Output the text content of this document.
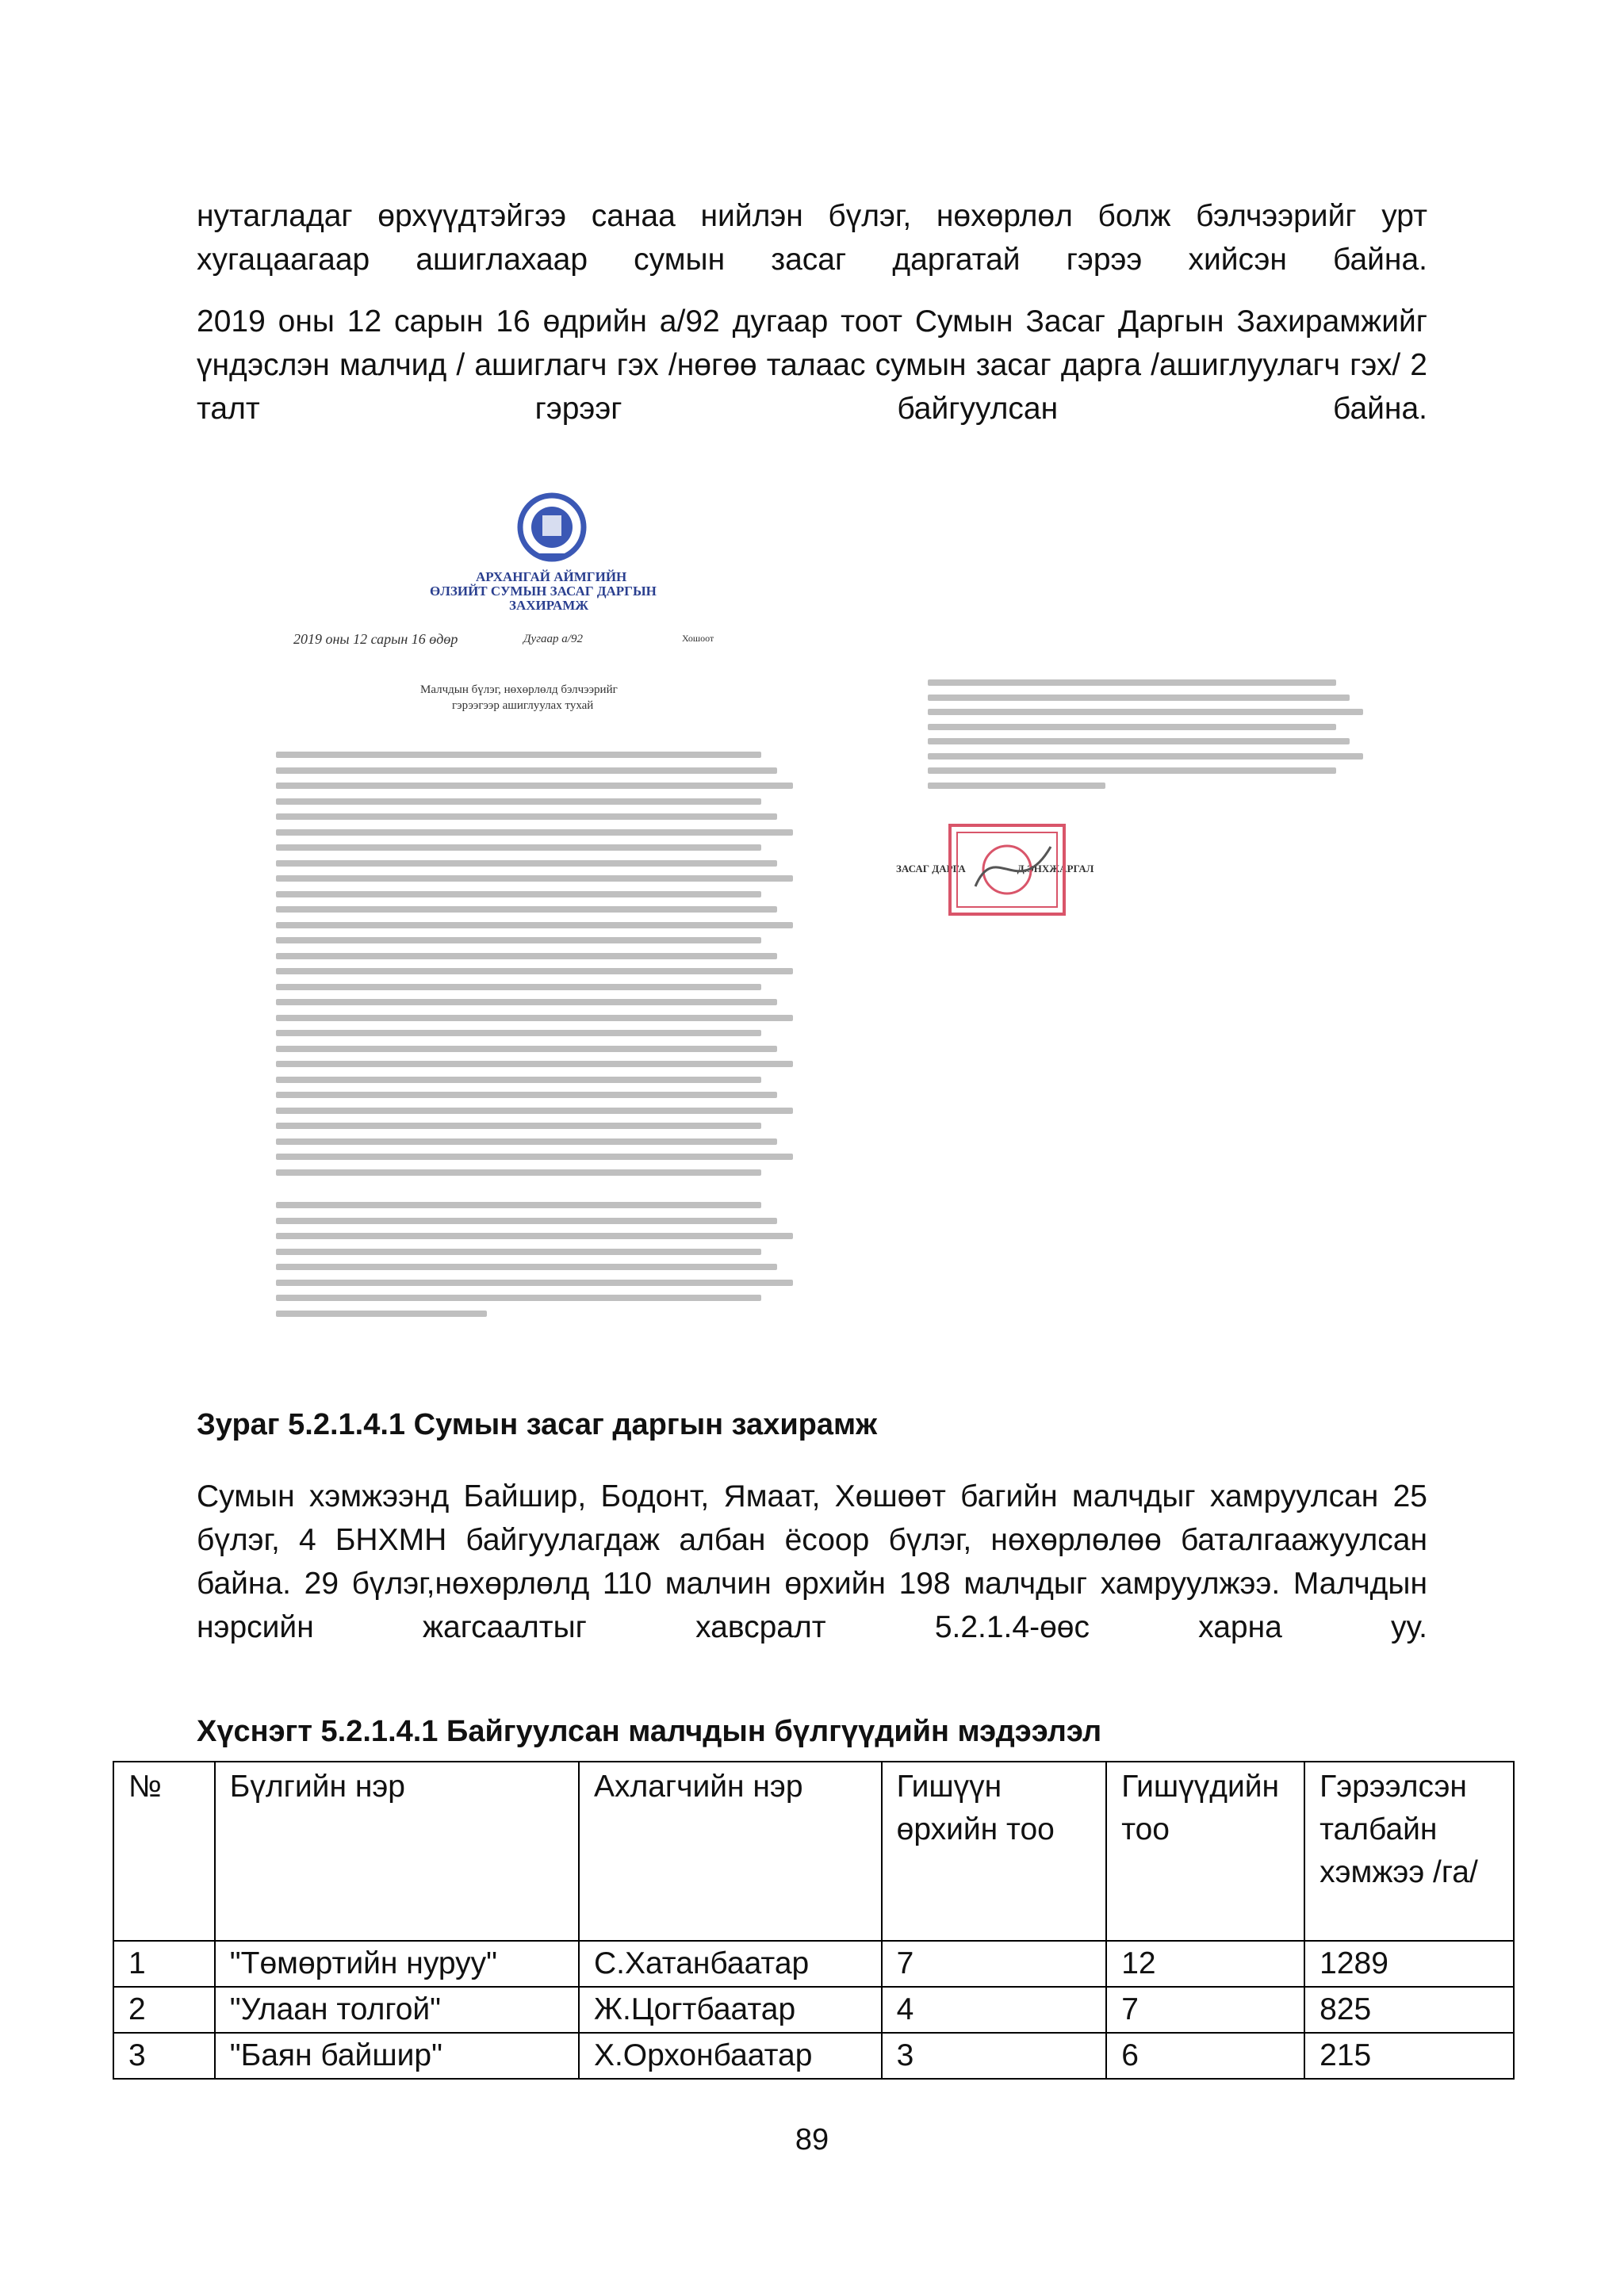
нутагладаг өрхүүдтэйгээ санаа нийлэн бүлэг, нөхөрлөл болж бэлчээрийг урт хугацаагаар ашиглахаар сумын засаг даргатай гэрээ хийсэн байна.

2019 оны 12 сарын 16 өдрийн а/92 дугаар тоот Сумын Засаг Даргын Захирамжийг үндэслэн малчид / ашиглагч гэх /нөгөө талаас сумын засаг дарга /ашиглуулагч гэх/ 2 талт гэрээг байгуулсан байна.

АРХАНГАЙ АЙМГИЙН
ӨЛЗИЙТ СУМЫН ЗАСАГ ДАРГЫН
ЗАХИРАМЖ
2019 оны 12 сарын 16 өдөр	Дугаар а/92	Хошоот
Малчдын бүлэг, нөхөрлөлд бэлчээрийг
гэрээгээр ашиглуулах тухай
ЗАСАГ ДАРГА                    Д.ЭНХЖАРГАЛ
Зураг 5.2.1.4.1 Сумын засаг даргын захирамж

Сумын хэмжээнд Байшир, Бодонт, Ямаат, Хөшөөт багийн малчдыг хамруулсан 25 бүлэг, 4 БНХМН байгуулагдаж албан ёсоор бүлэг, нөхөрлөлөө баталгаажуулсан байна. 29 бүлэг,нөхөрлөлд 110 малчин өрхийн 198 малчдыг хамруулжээ. Малчдын нэрсийн жагсаалтыг хавсралт 5.2.1.4-өөс харна уу.

Хүснэгт 5.2.1.4.1 Байгуулсан малчдын бүлгүүдийн мэдээлэл
№	Бүлгийн нэр	Ахлагчийн нэр	Гишүүн өрхийн тоо	Гишүүдийн тоо	Гэрээлсэн талбайн хэмжээ /га/
1	"Төмөртийн нуруу"	С.Хатанбаатар	7	12	1289
2	"Улаан толгой"	Ж.Цогтбаатар	4	7	825
3	"Баян байшир"	Х.Орхонбаатар	3	6	215
89
